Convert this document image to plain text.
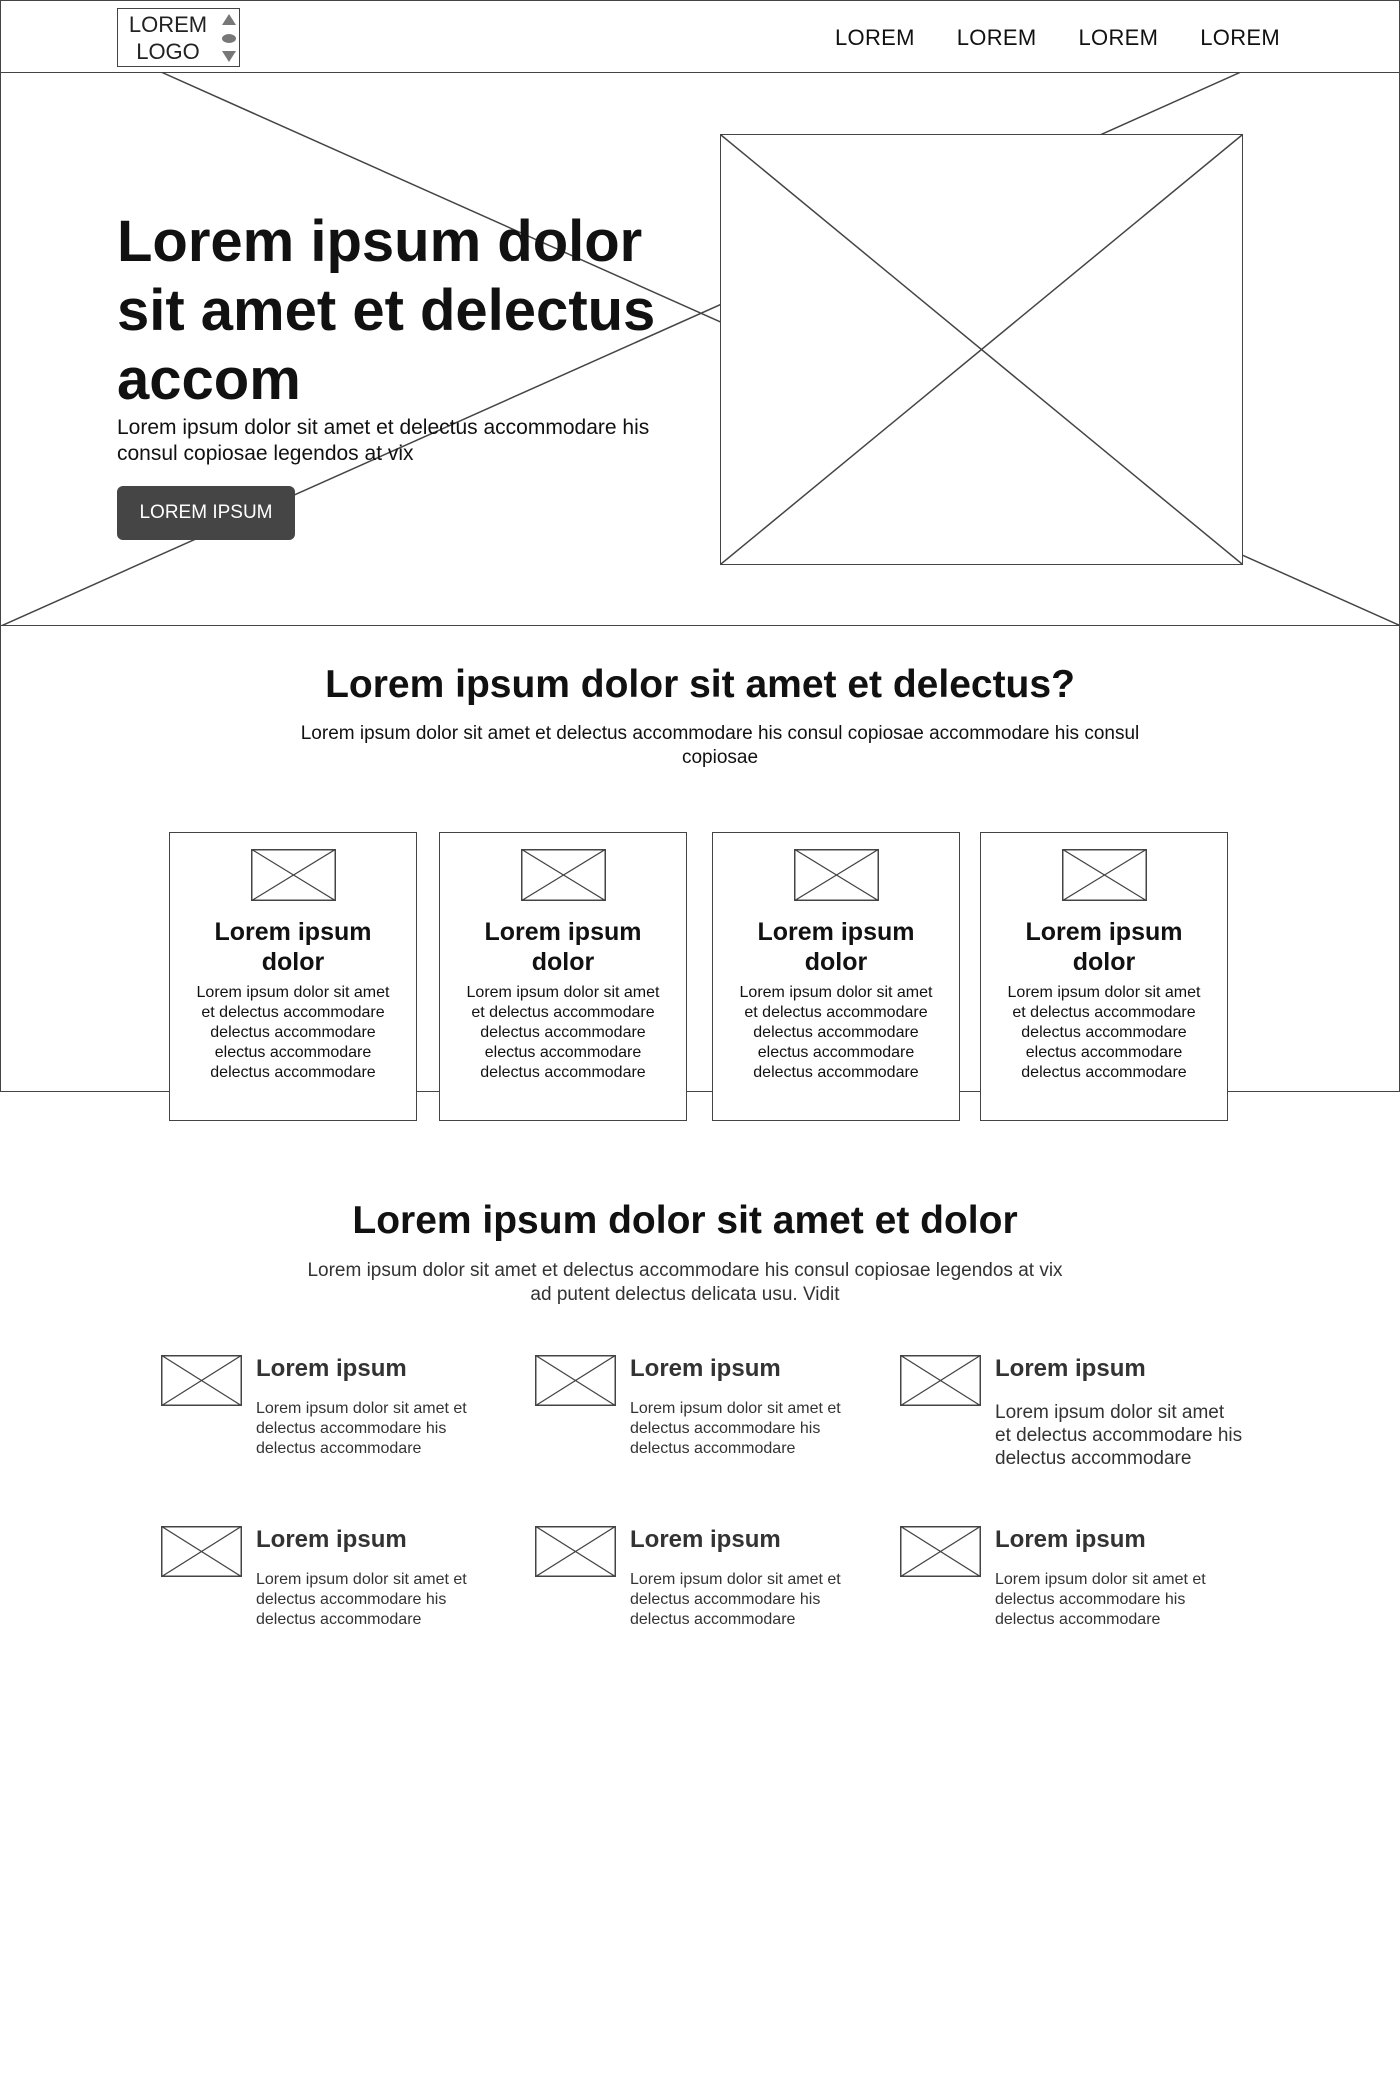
LOREM
LOGO
LOREM LOREM LOREM LOREM
Lorem ipsum dolor sit amet et delectus accom
Lorem ipsum dolor sit amet et delectus accommodare his consul copiosae legendos at vix
LOREM IPSUM
Lorem ipsum dolor sit amet et delectus?
Lorem ipsum dolor sit amet et delectus accommodare his consul copiosae accommodare his consul copiosae
Lorem ipsum dolor
Lorem ipsum dolor sit amet et delectus accommodare delectus accommodare electus accommodare delectus accommodare
Lorem ipsum dolor
Lorem ipsum dolor sit amet et delectus accommodare delectus accommodare electus accommodare delectus accommodare
Lorem ipsum dolor
Lorem ipsum dolor sit amet et delectus accommodare delectus accommodare electus accommodare delectus accommodare
Lorem ipsum dolor
Lorem ipsum dolor sit amet et delectus accommodare delectus accommodare electus accommodare delectus accommodare
Lorem ipsum dolor sit amet et dolor
Lorem ipsum dolor sit amet et delectus accommodare his consul copiosae legendos at vix ad putent delectus delicata usu. Vidit
Lorem ipsum
Lorem ipsum dolor sit amet et delectus accommodare his delectus accommodare
Lorem ipsum
Lorem ipsum dolor sit amet et delectus accommodare his delectus accommodare
Lorem ipsum
Lorem ipsum dolor sit amet et delectus accommodare his delectus accommodare
Lorem ipsum
Lorem ipsum dolor sit amet et delectus accommodare his delectus accommodare
Lorem ipsum
Lorem ipsum dolor sit amet et delectus accommodare his delectus accommodare
Lorem ipsum
Lorem ipsum dolor sit amet et delectus accommodare his delectus accommodare
